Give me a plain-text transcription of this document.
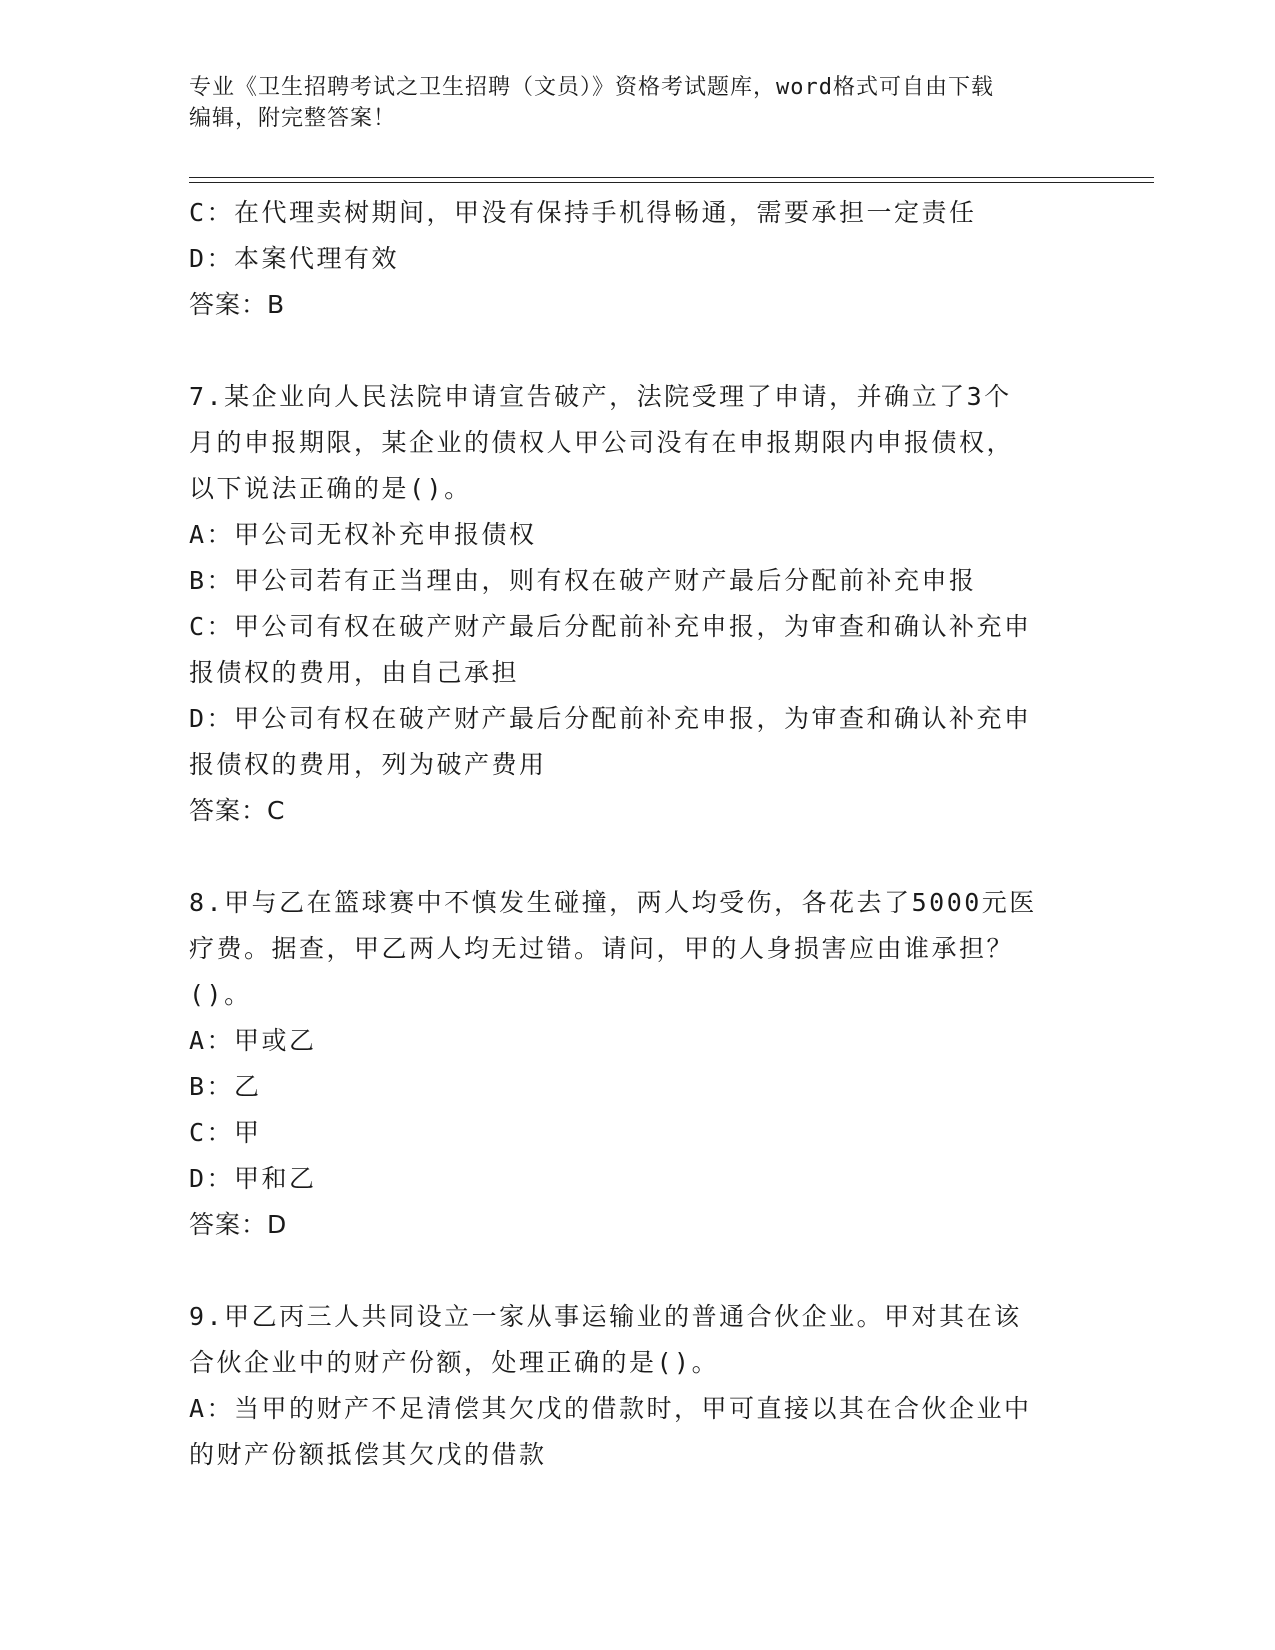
专业《卫生招聘考试之卫生招聘（文员）》资格考试题库，word格式可自由下载
编辑，附完整答案！
C：在代理卖树期间，甲没有保持手机得畅通，需要承担一定责任
D：本案代理有效
答案：B
7.某企业向人民法院申请宣告破产，法院受理了申请，并确立了3个
月的申报期限，某企业的债权人甲公司没有在申报期限内申报债权，
以下说法正确的是()。
A：甲公司无权补充申报债权
B：甲公司若有正当理由，则有权在破产财产最后分配前补充申报
C：甲公司有权在破产财产最后分配前补充申报，为审查和确认补充申
报债权的费用，由自己承担
D：甲公司有权在破产财产最后分配前补充申报，为审查和确认补充申
报债权的费用，列为破产费用
答案：C
8.甲与乙在篮球赛中不慎发生碰撞，两人均受伤，各花去了5000元医
疗费。据查，甲乙两人均无过错。请问，甲的人身损害应由谁承担？
()。
A：甲或乙
B：乙
C：甲
D：甲和乙
答案：D
9.甲乙丙三人共同设立一家从事运输业的普通合伙企业。甲对其在该
合伙企业中的财产份额，处理正确的是()。
A：当甲的财产不足清偿其欠戊的借款时，甲可直接以其在合伙企业中
的财产份额抵偿其欠戊的借款
